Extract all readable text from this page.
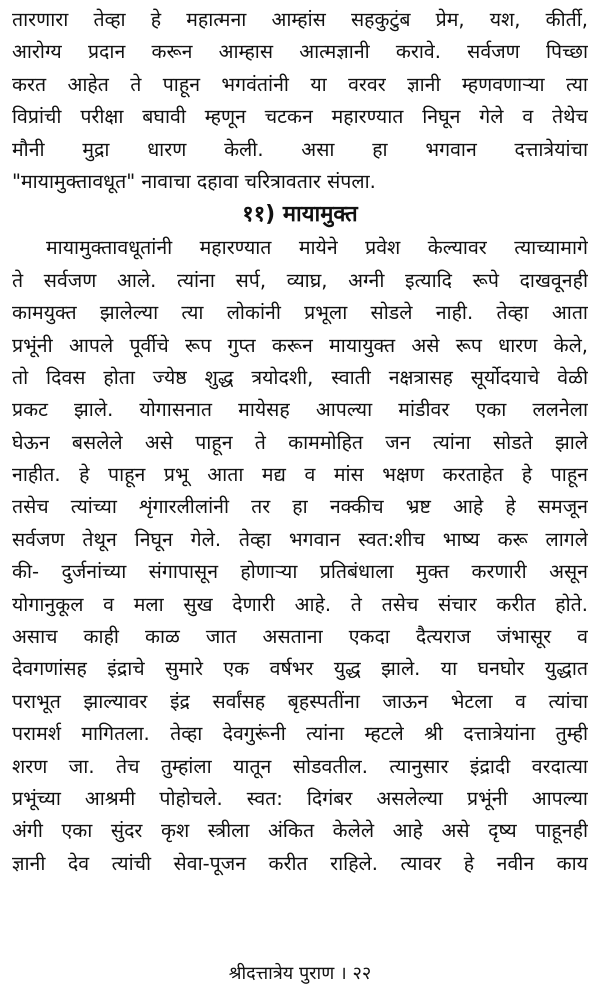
तारणारा तेव्हा हे महात्मना आम्हांस सहकुटुंब प्रेम, यश, कीर्ती,
आरोग्य प्रदान करून आम्हास आत्मज्ञानी करावे. सर्वजण पिच्छा
करत आहेत ते पाहून भगवंतांनी या वरवर ज्ञानी म्हणवणाऱ्या त्या
विप्रांची परीक्षा बघावी म्हणून चटकन महारण्यात निघून गेले व तेथेच
मौनी मुद्रा धारण केली. असा हा भगवान दत्तात्रेयांचा
"मायामुक्तावधूत" नावाचा दहावा चरित्रावतार संपला.
११) मायामुक्त
मायामुक्तावधूतांनी महारण्यात मायेने प्रवेश केल्यावर त्याच्यामागे
ते सर्वजण आले. त्यांना सर्प, व्याघ्र, अग्नी इत्यादि रूपे दाखवूनही
कामयुक्त झालेल्या त्या लोकांनी प्रभूला सोडले नाही. तेव्हा आता
प्रभूंनी आपले पूर्वीचे रूप गुप्त करून मायायुक्त असे रूप धारण केले,
तो दिवस होता ज्येष्ठ शुद्ध त्रयोदशी, स्वाती नक्षत्रासह सूर्योदयाचे वेळी
प्रकट झाले. योगासनात मायेसह आपल्या मांडीवर एका ललनेला
घेऊन बसलेले असे पाहून ते काममोहित जन त्यांना सोडते झाले
नाहीत. हे पाहून प्रभू आता मद्य व मांस भक्षण करताहेत हे पाहून
तसेच त्यांच्या शृंगारलीलांनी तर हा नक्कीच भ्रष्ट आहे हे समजून
सर्वजण तेथून निघून गेले. तेव्हा भगवान स्वत:शीच भाष्य करू लागले
की- दुर्जनांच्या संगापासून होणाऱ्या प्रतिबंधाला मुक्त करणारी असून
योगानुकूल व मला सुख देणारी आहे. ते तसेच संचार करीत होते.
असाच काही काळ जात असताना एकदा दैत्यराज जंभासूर व
देवगणांसह इंद्राचे सुमारे एक वर्षभर युद्ध झाले. या घनघोर युद्धात
पराभूत झाल्यावर इंद्र सर्वांसह बृहस्पतींना जाऊन भेटला व त्यांचा
परामर्श मागितला. तेव्हा देवगुरूंनी त्यांना म्हटले श्री दत्तात्रेयांना तुम्ही
शरण जा. तेच तुम्हांला यातून सोडवतील. त्यानुसार इंद्रादी वरदात्या
प्रभूंच्या आश्रमी पोहोचले. स्वत: दिगंबर असलेल्या प्रभूंनी आपल्या
अंगी एका सुंदर कृश स्त्रीला अंकित केलेले आहे असे दृष्य पाहूनही
ज्ञानी देव त्यांची सेवा-पूजन करीत राहिले. त्यावर हे नवीन काय
श्रीदत्तात्रेय पुराण । २२
